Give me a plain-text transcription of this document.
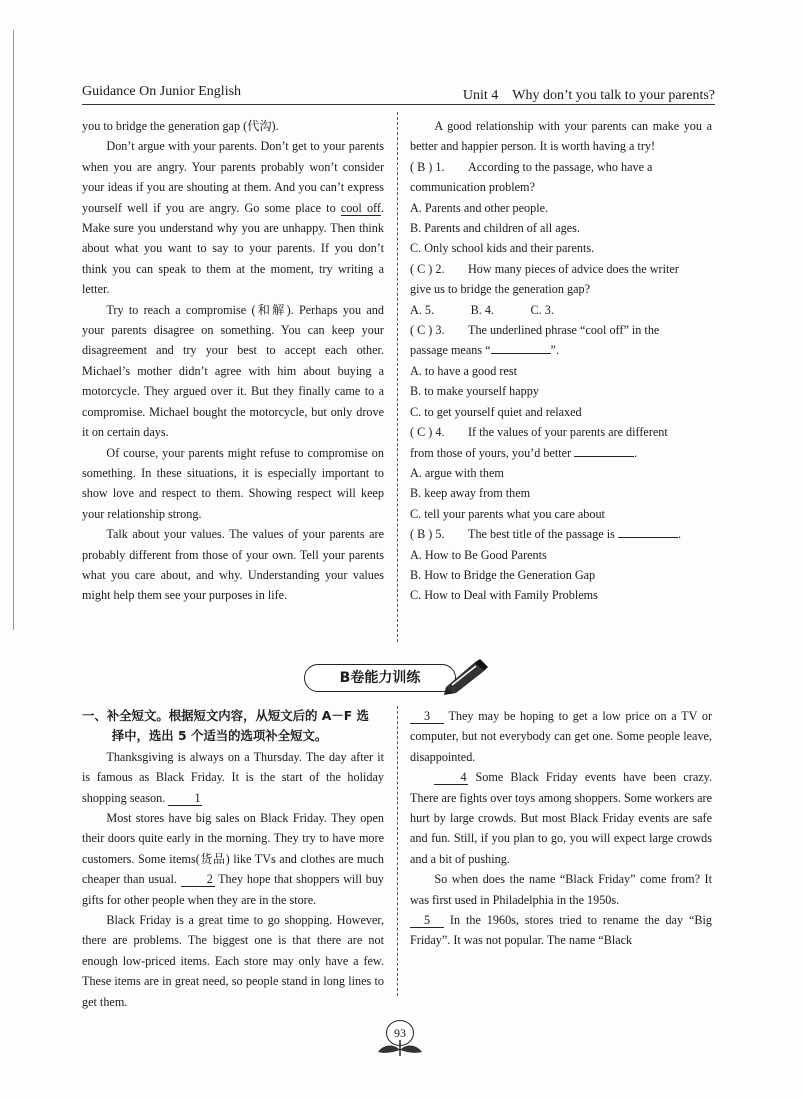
Guidance On Junior English	Unit 4　Why don’t you talk to your parents?

you to bridge the generation gap (代沟).

Don’t argue with your parents. Don’t get to your parents when you are angry. Your parents probably won’t consider your ideas if you are shouting at them. And you can’t express yourself well if you are angry. Go some place to cool off. Make sure you understand why you are unhappy. Then think about what you want to say to your parents. If you don’t think you can speak to them at the moment, try writing a letter.

Try to reach a compromise (和解). Perhaps you and your parents disagree on something. You can keep your disagreement and try your best to accept each other. Michael’s mother didn’t agree with him about buying a motorcycle. They argued over it. But they finally came to a compromise. Michael bought the motorcycle, but only drove it on certain days.

Of course, your parents might refuse to compromise on something. In these situations, it is especially important to show love and respect to them. Showing respect will keep your relationship strong.

Talk about your values. The values of your parents are probably different from those of your own. Tell your parents what you care about, and why. Understanding your values might help them see your purposes in life.

A good relationship with your parents can make you a better and happier person. It is worth having a try!

( B ) 1. According to the passage, who have a

communication problem?

A. Parents and other people.

B. Parents and children of all ages.

C. Only school kids and their parents.

( C ) 2. How many pieces of advice does the writer

give us to bridge the generation gap?

A. 5.　　　B. 4.　　　C. 3.

( C ) 3. The underlined phrase “cool off” in the

passage means “	”.

A. to have a good rest

B. to make yourself happy

C. to get yourself quiet and relaxed

( C ) 4. If the values of your parents are different

from those of yours, you’d better	.

A. argue with them

B. keep away from them

C. tell your parents what you care about

( B ) 5. The best title of the passage is	.

A. How to Be Good Parents

B. How to Bridge the Generation Gap

C. How to Deal with Family Problems

B卷能力训练

一、补全短文。根据短文内容，从短文后的 A－F 选

择中，选出 5 个适当的选项补全短文。

Thanksgiving is always on a Thursday. The day after it is famous as Black Friday. It is the start of the holiday shopping season. 1

Most stores have big sales on Black Friday. They open their doors quite early in the morning. They try to have more customers. Some items(货品) like TVs and clothes are much cheaper than usual. 2 They hope that shoppers will buy gifts for other people when they are in the store.

Black Friday is a great time to go shopping. However, there are problems. The biggest one is that there are not enough low-priced items. Each store may only have a few. These items are in great need, so people stand in long lines to get them.

3 They may be hoping to get a low price on a TV or computer, but not everybody can get one. Some people leave, disappointed.

4 Some Black Friday events have been crazy. There are fights over toys among shoppers. Some workers are hurt by large crowds. But most Black Friday events are safe and fun. Still, if you plan to go, you will expect large crowds and a bit of pushing.

So when does the name “Black Friday” come from? It was first used in Philadelphia in the 1950s.

5 In the 1960s, stores tried to rename the day “Big Friday”. It was not popular. The name “Black

93
